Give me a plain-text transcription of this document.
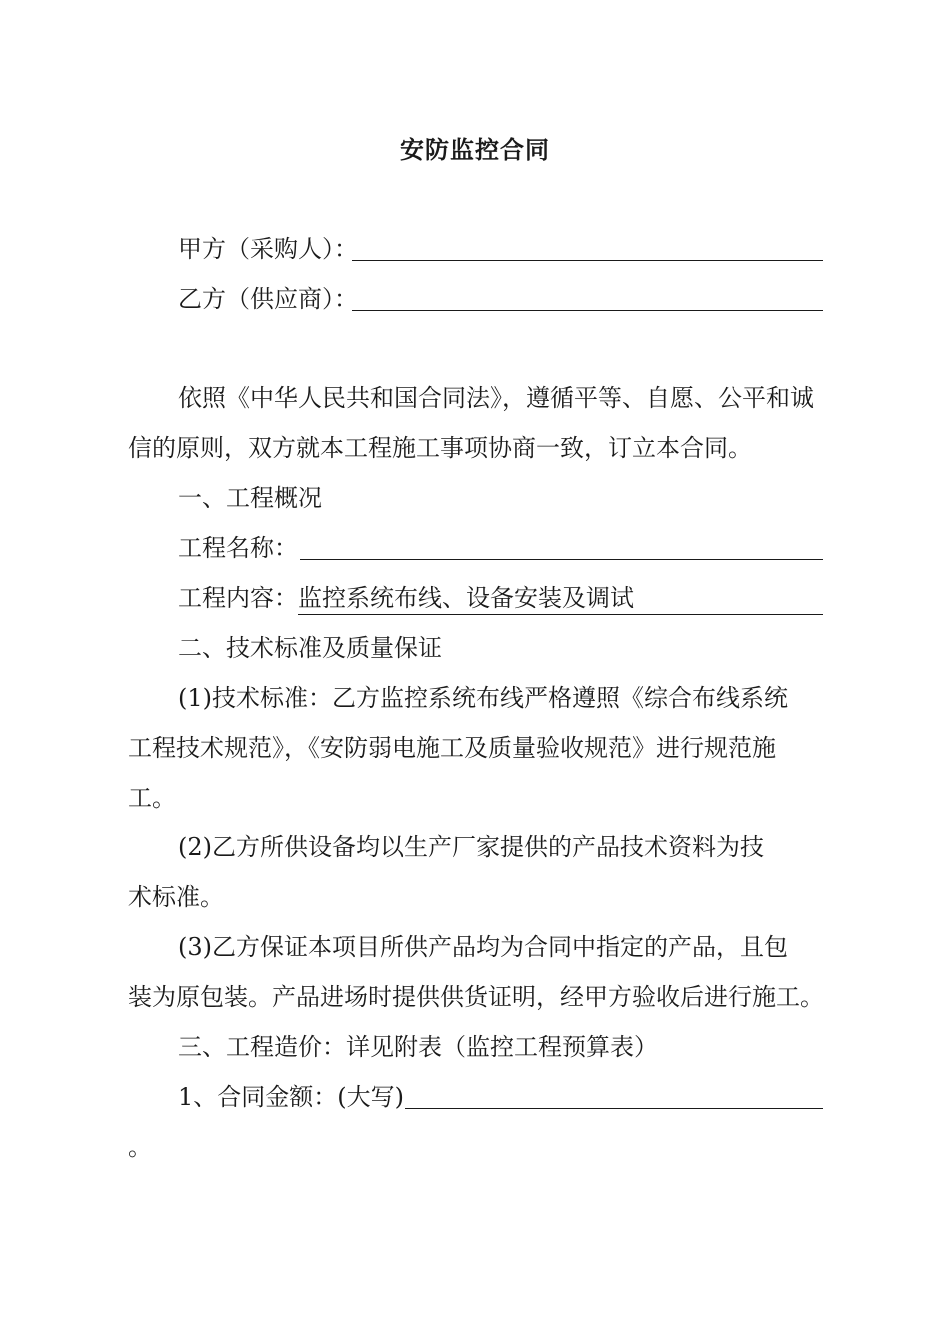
安防监控合同
甲方（采购人）：
乙方（供应商）：
依照《中华人民共和国合同法》，遵循平等、自愿、公平和诚
信的原则，双方就本工程施工事项协商一致，订立本合同。
一、工程概况
工程名称：
工程内容： 监控系统布线、设备安装及调试
二、技术标准及质量保证
(1)技术标准：乙方监控系统布线严格遵照《综合布线系统
工程技术规范》，《安防弱电施工及质量验收规范》进行规范施
工。
(2)乙方所供设备均以生产厂家提供的产品技术资料为技
术标准。
(3)乙方保证本项目所供产品均为合同中指定的产品，且包
装为原包装。产品进场时提供供货证明，经甲方验收后进行施工。
三、工程造价：详见附表（监控工程预算表）
1、合同金额：(大写)
。
